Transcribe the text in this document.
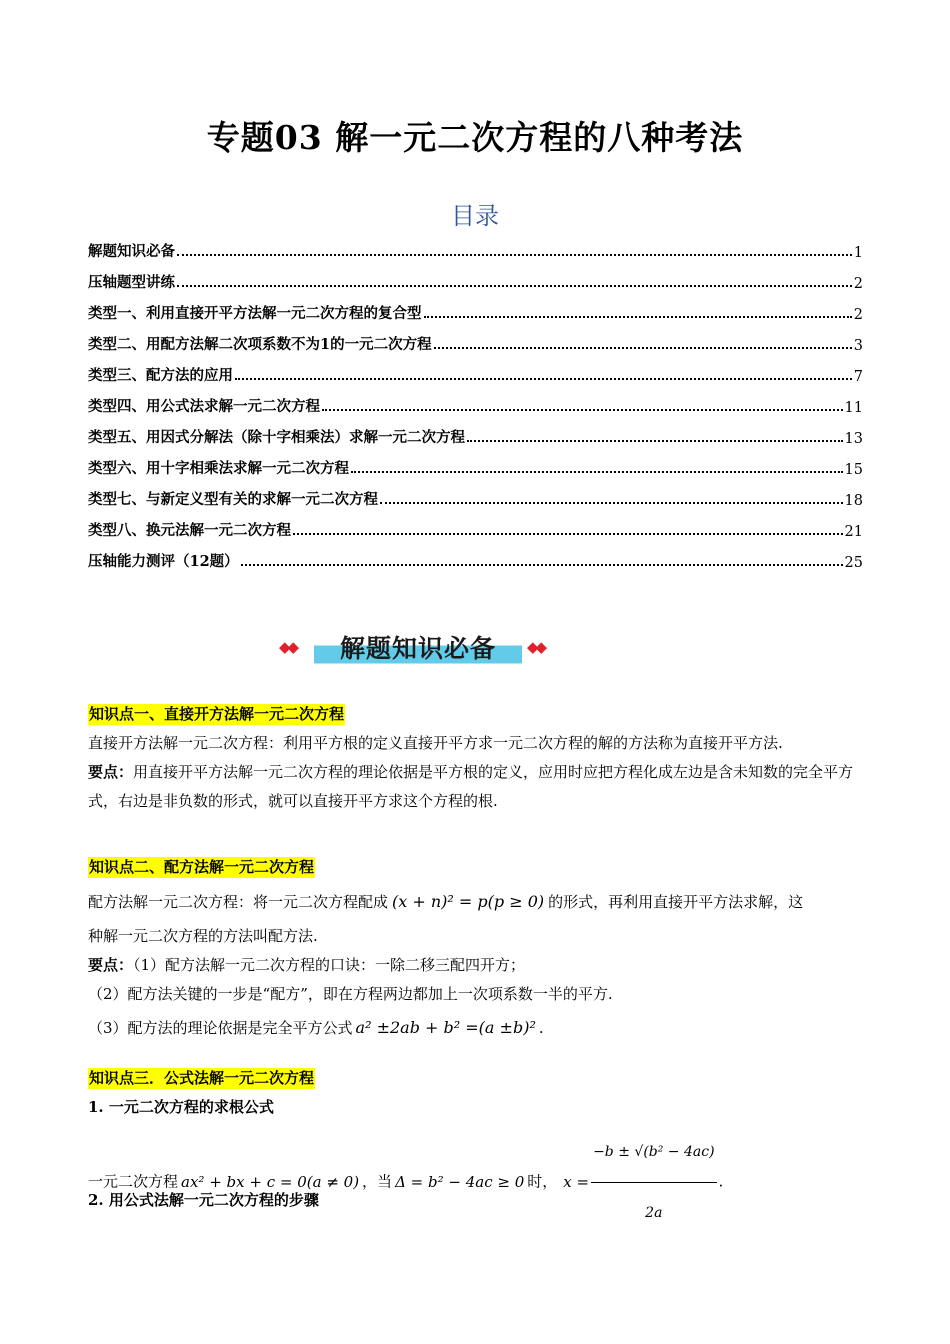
专题03 解一元二次方程的八种考法
目录
解题知识必备	1
压轴题型讲练	2
类型一、利用直接开平方法解一元二次方程的复合型	2
类型二、用配方法解二次项系数不为1的一元二次方程	3
类型三、配方法的应用	7
类型四、用公式法求解一元二次方程	11
类型五、用因式分解法（除十字相乘法）求解一元二次方程	13
类型六、用十字相乘法求解一元二次方程	15
类型七、与新定义型有关的求解一元二次方程	18
类型八、换元法解一元二次方程	21
压轴能力测评（12题）	25
◆◆	解题知识必备	◆◆
知识点一、直接开方法解一元二次方程
直接开方法解一元二次方程：利用平方根的定义直接开平方求一元二次方程的解的方法称为直接开平方法.
要点：用直接开平方法解一元二次方程的理论依据是平方根的定义，应用时应把方程化成左边是含未知数的完全平方式，右边是非负数的形式，就可以直接开平方求这个方程的根.
知识点二、配方法解一元二次方程
配方法解一元二次方程：将一元二次方程配成 (x + n)² = p(p ≥ 0) 的形式，再利用直接开平方法求解，这
种解一元二次方程的方法叫配方法.
要点：（1）配方法解一元二次方程的口诀：一除二移三配四开方；
（2）配方法关键的一步是“配方”，即在方程两边都加上一次项系数一半的平方.
（3）配方法的理论依据是完全平方公式 a² ±2ab + b² =(a ±b)² .
知识点三．公式法解一元二次方程
1. 一元二次方程的求根公式
一元二次方程 ax² + bx + c = 0(a ≠ 0) ，当 Δ = b² − 4ac ≥ 0 时， $x = \frac{\text{−b ± √(b² − 4ac)}}{2a}$ .
2. 用公式法解一元二次方程的步骤
